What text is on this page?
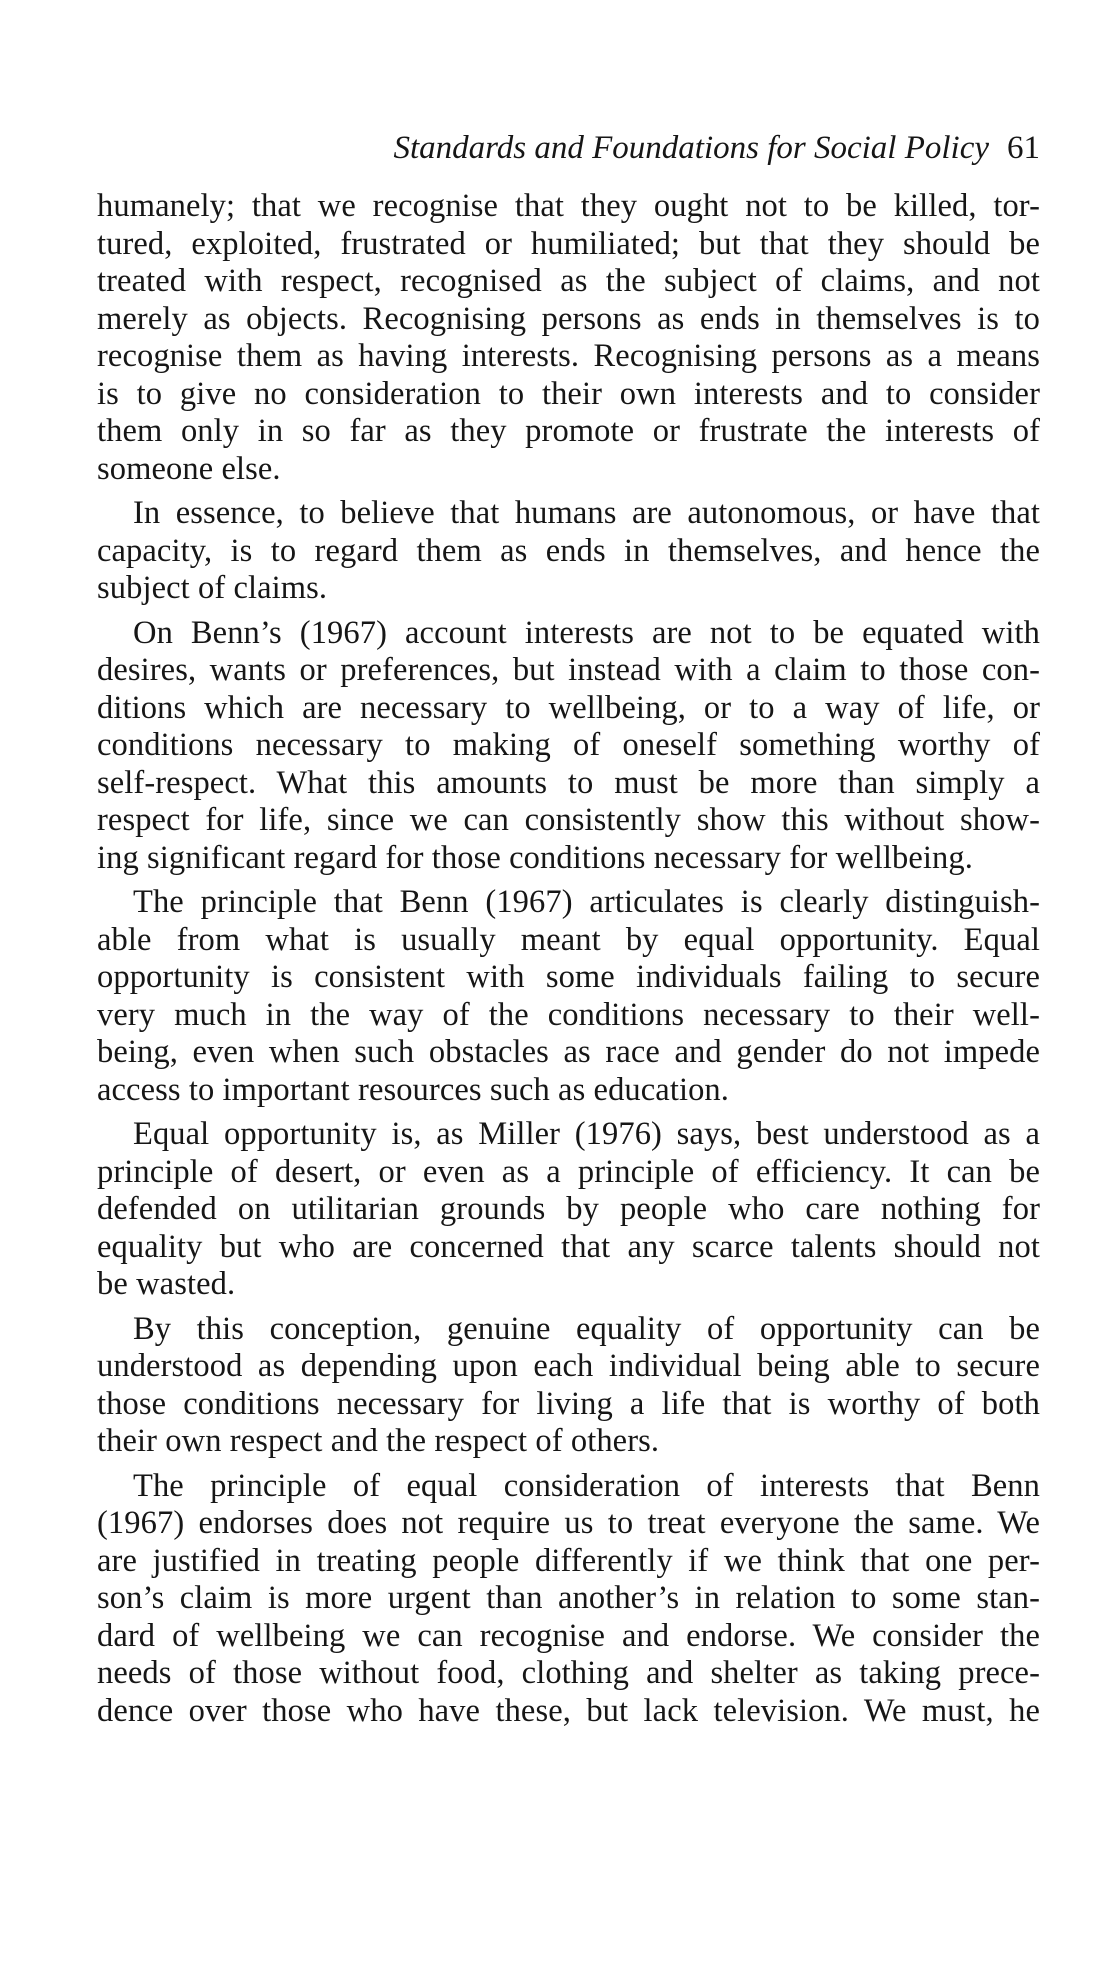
Standards and Foundations for Social Policy 61
humanely; that we recognise that they ought not to be killed, tor-
tured, exploited, frustrated or humiliated; but that they should be
treated with respect, recognised as the subject of claims, and not
merely as objects. Recognising persons as ends in themselves is to
recognise them as having interests. Recognising persons as a means
is to give no consideration to their own interests and to consider
them only in so far as they promote or frustrate the interests of
someone else.
In essence, to believe that humans are autonomous, or have that
capacity, is to regard them as ends in themselves, and hence the
subject of claims.
On Benn’s (1967) account interests are not to be equated with
desires, wants or preferences, but instead with a claim to those con-
ditions which are necessary to wellbeing, or to a way of life, or
conditions necessary to making of oneself something worthy of
self-respect. What this amounts to must be more than simply a
respect for life, since we can consistently show this without show-
ing significant regard for those conditions necessary for wellbeing.
The principle that Benn (1967) articulates is clearly distinguish-
able from what is usually meant by equal opportunity. Equal
opportunity is consistent with some individuals failing to secure
very much in the way of the conditions necessary to their well-
being, even when such obstacles as race and gender do not impede
access to important resources such as education.
Equal opportunity is, as Miller (1976) says, best understood as a
principle of desert, or even as a principle of efficiency. It can be
defended on utilitarian grounds by people who care nothing for
equality but who are concerned that any scarce talents should not
be wasted.
By this conception, genuine equality of opportunity can be
understood as depending upon each individual being able to secure
those conditions necessary for living a life that is worthy of both
their own respect and the respect of others.
The principle of equal consideration of interests that Benn
(1967) endorses does not require us to treat everyone the same. We
are justified in treating people differently if we think that one per-
son’s claim is more urgent than another’s in relation to some stan-
dard of wellbeing we can recognise and endorse. We consider the
needs of those without food, clothing and shelter as taking prece-
dence over those who have these, but lack television. We must, he
